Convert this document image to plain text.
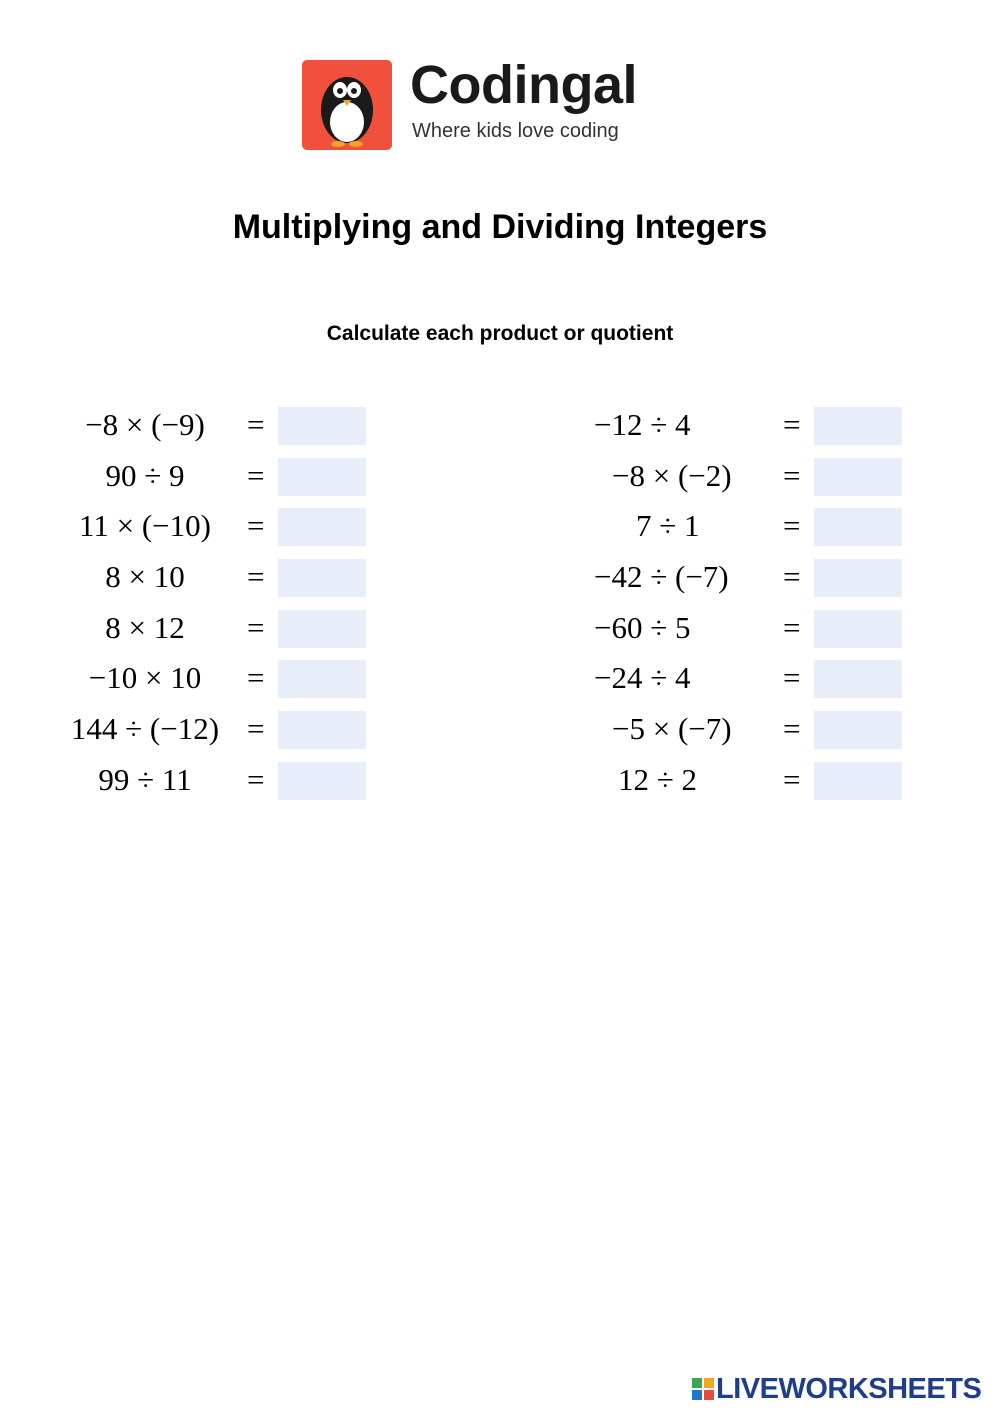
Codingal
Where kids love coding
Multiplying and Dividing Integers
Calculate each product or quotient
−8 × (−9)	=
90 ÷ 9	=
11 × (−10)	=
8 × 10	=
8 × 12	=
−10 × 10	=
144 ÷ (−12) =
99 ÷ 11	=
−12 ÷ 4	=
−8 × (−2)	=
7 ÷ 1	=
−42 ÷ (−7)	=
−60 ÷ 5	=
−24 ÷ 4	=
−5 × (−7)	=
12 ÷ 2	=
LIVEWORKSHEETS
